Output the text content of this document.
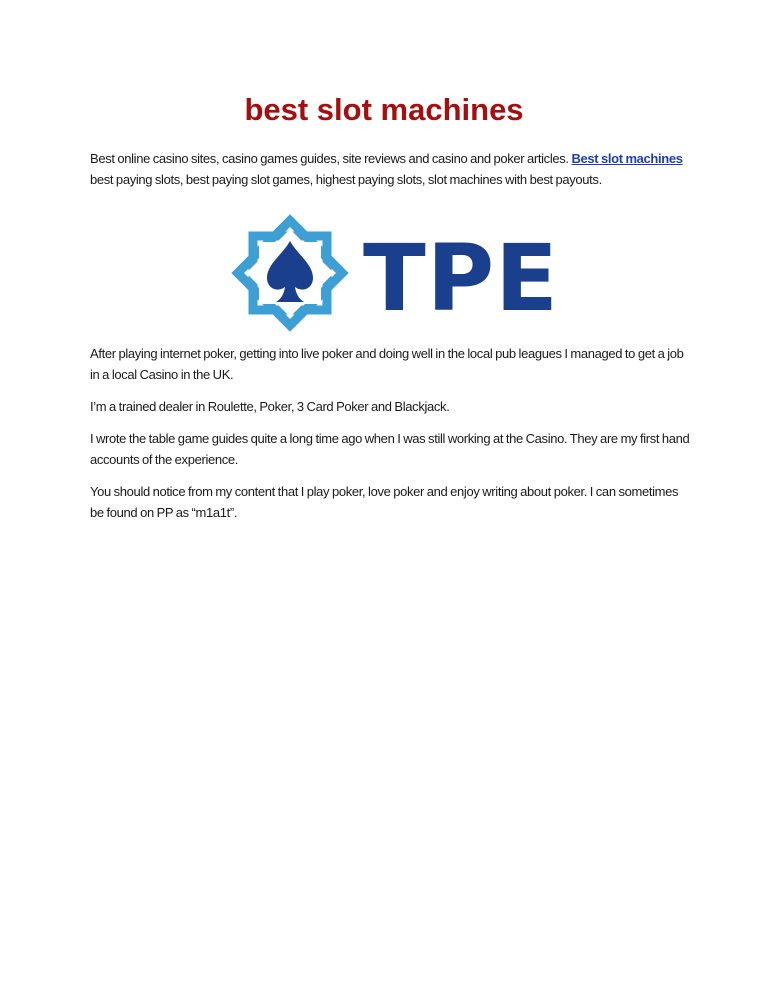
best slot machines

Best online casino sites, casino games guides, site reviews and casino and poker articles. Best slot machines best paying slots, best paying slot games, highest paying slots, slot machines with best payouts.

TPE

After playing internet poker, getting into live poker and doing well in the local pub leagues I managed to get a job in a local Casino in the UK.

I’m a trained dealer in Roulette, Poker, 3 Card Poker and Blackjack.

I wrote the table game guides quite a long time ago when I was still working at the Casino. They are my first hand accounts of the experience.

You should notice from my content that I play poker, love poker and enjoy writing about poker. I can sometimes be found on PP as “m1a1t”.
